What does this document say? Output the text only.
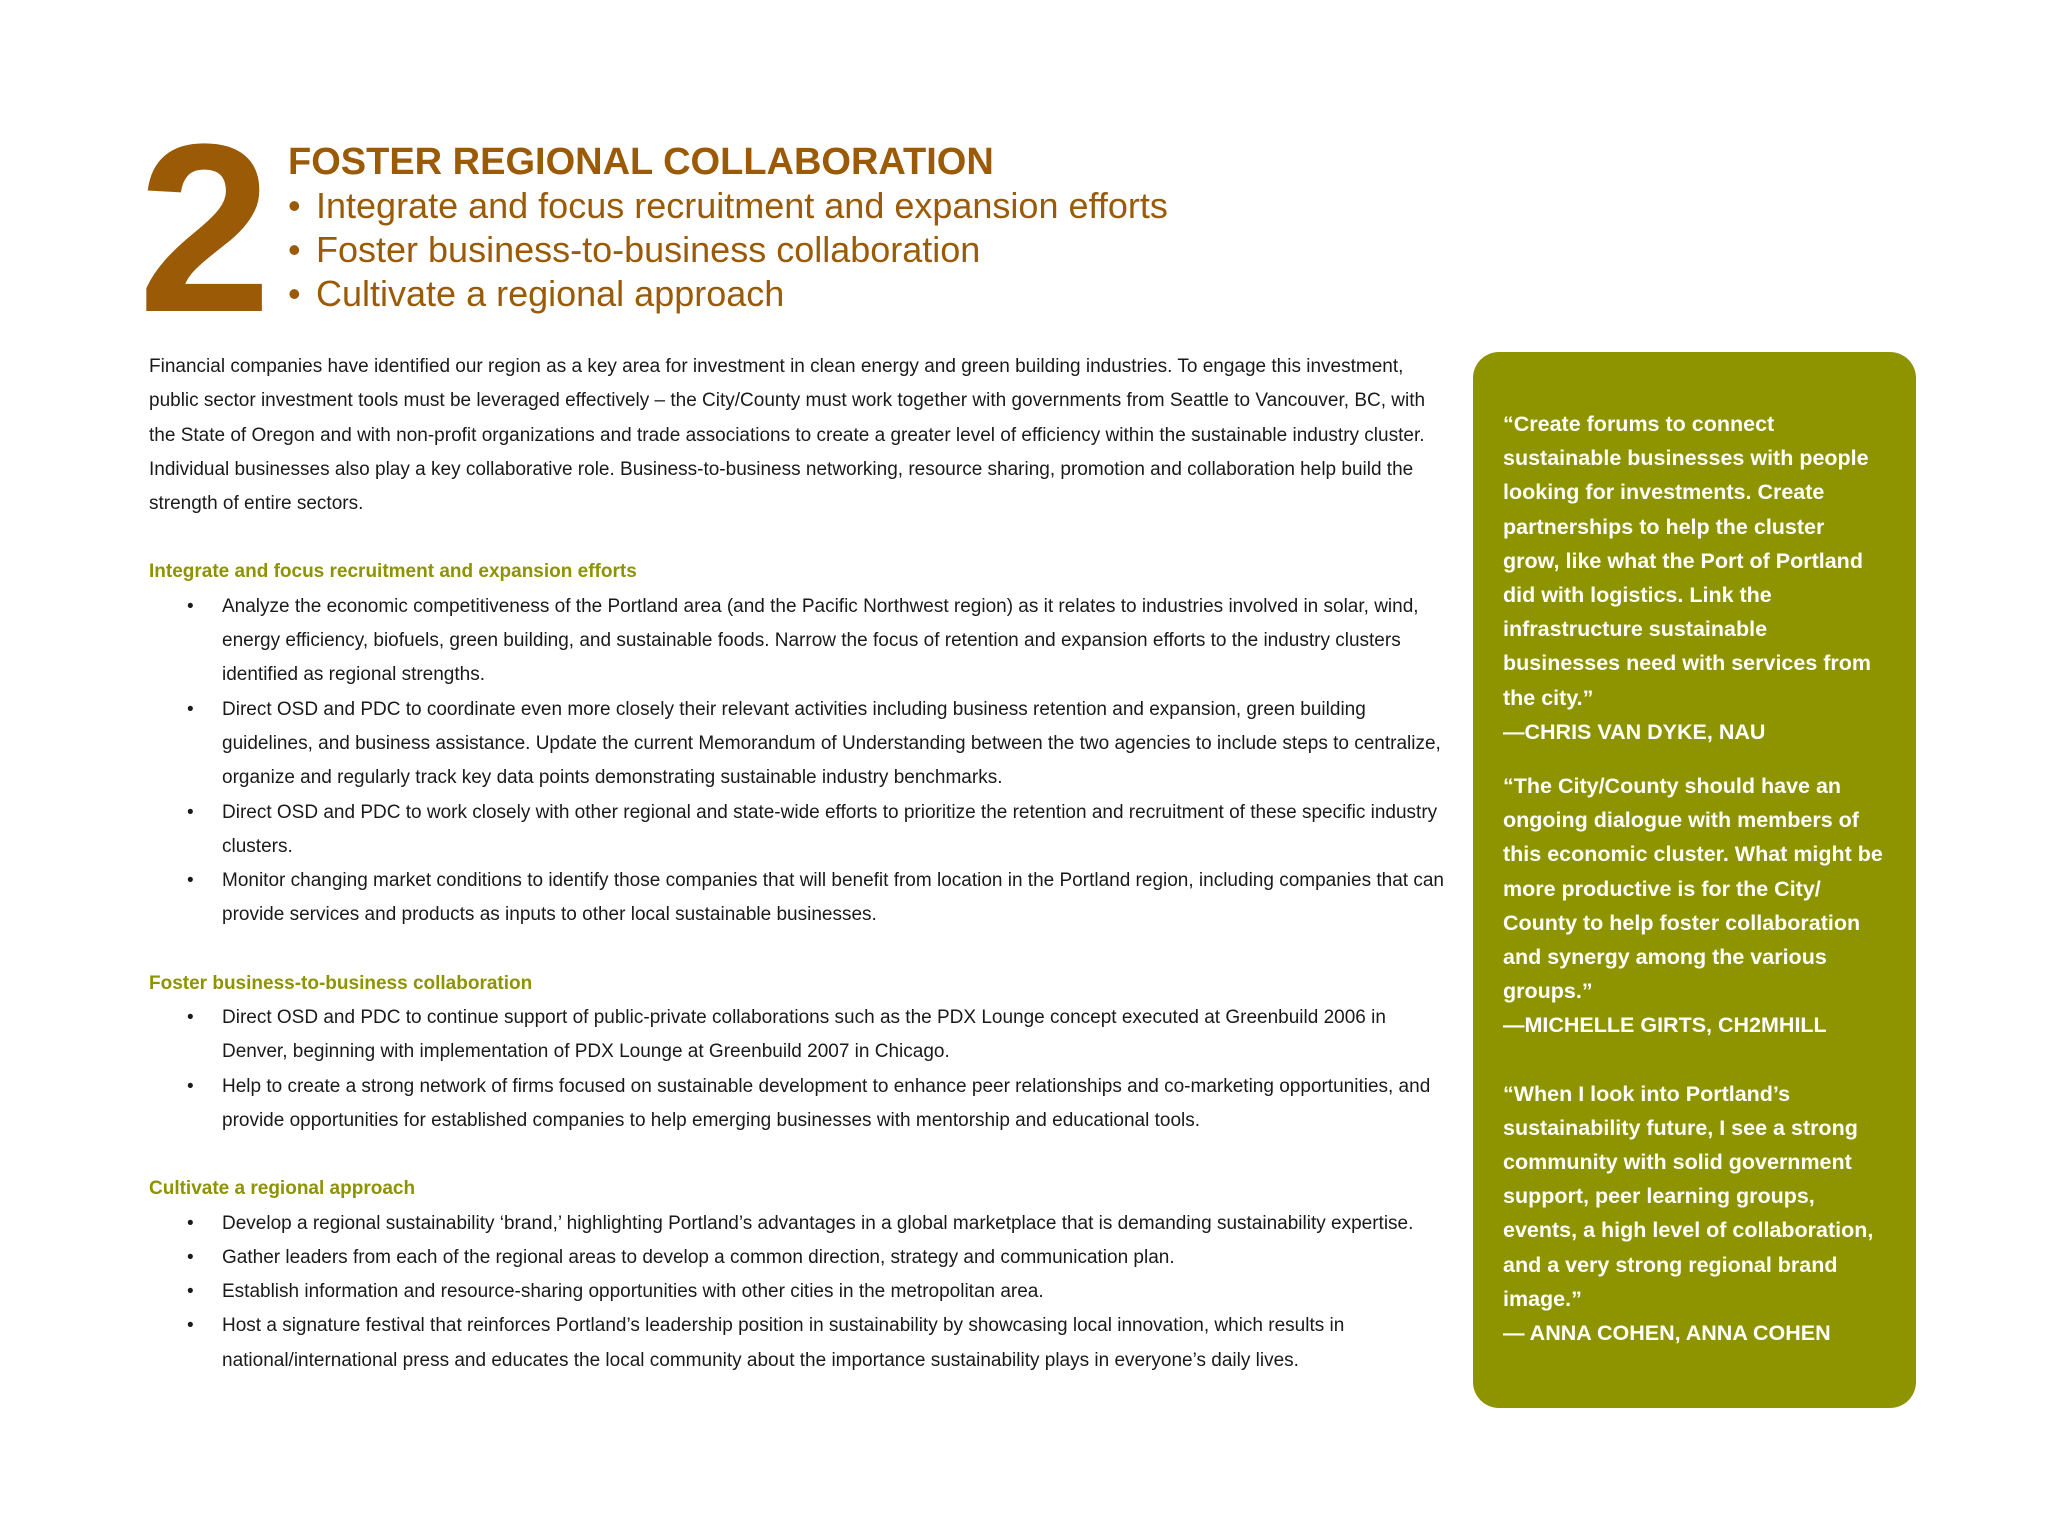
2 FOSTER REGIONAL COLLABORATION
• Integrate and focus recruitment and expansion efforts
• Foster business-to-business collaboration
• Cultivate a regional approach

Financial companies have identified our region as a key area for investment in clean energy and green building industries. To engage this investment, public sector investment tools must be leveraged effectively – the City/County must work together with governments from Seattle to Vancouver, BC, with the State of Oregon and with non-profit organizations and trade associations to create a greater level of efficiency within the sustainable industry cluster. Individual businesses also play a key collaborative role. Business-to-business networking, resource sharing, promotion and collaboration help build the strength of entire sectors.

Integrate and focus recruitment and expansion efforts

• Analyze the economic competitiveness of the Portland area (and the Pacific Northwest region) as it relates to industries involved in solar, wind, energy efficiency, biofuels, green building, and sustainable foods. Narrow the focus of retention and expansion efforts to the industry clusters identified as regional strengths.
• Direct OSD and PDC to coordinate even more closely their relevant activities including business retention and expansion, green building guidelines, and business assistance. Update the current Memorandum of Understanding between the two agencies to include steps to centralize, organize and regularly track key data points demonstrating sustainable industry benchmarks.
• Direct OSD and PDC to work closely with other regional and state-wide efforts to prioritize the retention and recruitment of these specific industry clusters.
• Monitor changing market conditions to identify those companies that will benefit from location in the Portland region, including companies that can provide services and products as inputs to other local sustainable businesses.

Foster business-to-business collaboration

• Direct OSD and PDC to continue support of public-private collaborations such as the PDX Lounge concept executed at Greenbuild 2006 in Denver, beginning with implementation of PDX Lounge at Greenbuild 2007 in Chicago.
• Help to create a strong network of firms focused on sustainable development to enhance peer relationships and co-marketing opportunities, and provide opportunities for established companies to help emerging businesses with mentorship and educational tools.

Cultivate a regional approach

• Develop a regional sustainability ‘brand,’ highlighting Portland’s advantages in a global marketplace that is demanding sustainability expertise.
• Gather leaders from each of the regional areas to develop a common direction, strategy and communication plan.
• Establish information and resource-sharing opportunities with other cities in the metropolitan area.
• Host a signature festival that reinforces Portland’s leadership position in sustainability by showcasing local innovation, which results in national/international press and educates the local community about the importance sustainability plays in everyone’s daily lives.

“Create forums to connect sustainable businesses with people looking for investments. Create partnerships to help the cluster grow, like what the Port of Portland did with logistics. Link the infrastructure sustainable businesses need with services from the city.”
—CHRIS VAN DYKE, NAU

“The City/County should have an ongoing dialogue with members of this economic cluster. What might be more productive is for the City/ County to help foster collaboration and synergy among the various groups.”
—MICHELLE GIRTS, CH2MHILL

“When I look into Portland’s sustainability future, I see a strong community with solid government support, peer learning groups, events, a high level of collaboration, and a very strong regional brand image.”
— ANNA COHEN, ANNA COHEN
